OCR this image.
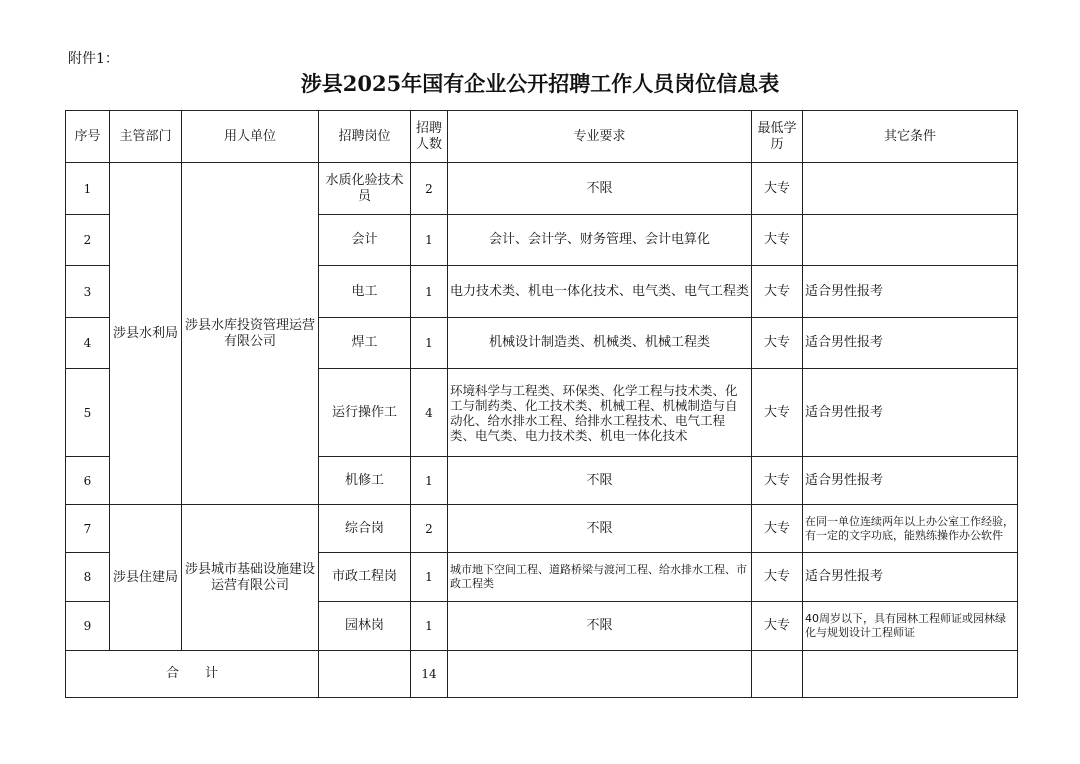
附件1：
涉县2025年国有企业公开招聘工作人员岗位信息表
序号	主管部门	用人单位	招聘岗位	招聘人数	专业要求	最低学历	其它条件
1	涉县水利局	涉县水库投资管理运营有限公司	水质化验技术员	2	不限	大专	
2			会计	1	会计、会计学、财务管理、会计电算化	大专	
3			电工	1	电力技术类、机电一体化技术、电气类、电气工程类	大专	适合男性报考
4			焊工	1	机械设计制造类、机械类、机械工程类	大专	适合男性报考
5			运行操作工	4	环境科学与工程类、环保类、化学工程与技术类、化工与制药类、化工技术类、机械工程、机械制造与自动化、给水排水工程、给排水工程技术、电气工程类、电气类、电力技术类、机电一体化技术	大专	适合男性报考
6			机修工	1	不限	大专	适合男性报考
7	涉县住建局	涉县城市基础设施建设运营有限公司	综合岗	2	不限	大专	在同一单位连续两年以上办公室工作经验，有一定的文字功底，能熟练操作办公软件
8			市政工程岗	1	城市地下空间工程、道路桥梁与渡河工程、给水排水工程、市政工程类	大专	适合男性报考
9			园林岗	1	不限	大专	40周岁以下，具有园林工程师证或园林绿化与规划设计工程师证
合　　计				14			
